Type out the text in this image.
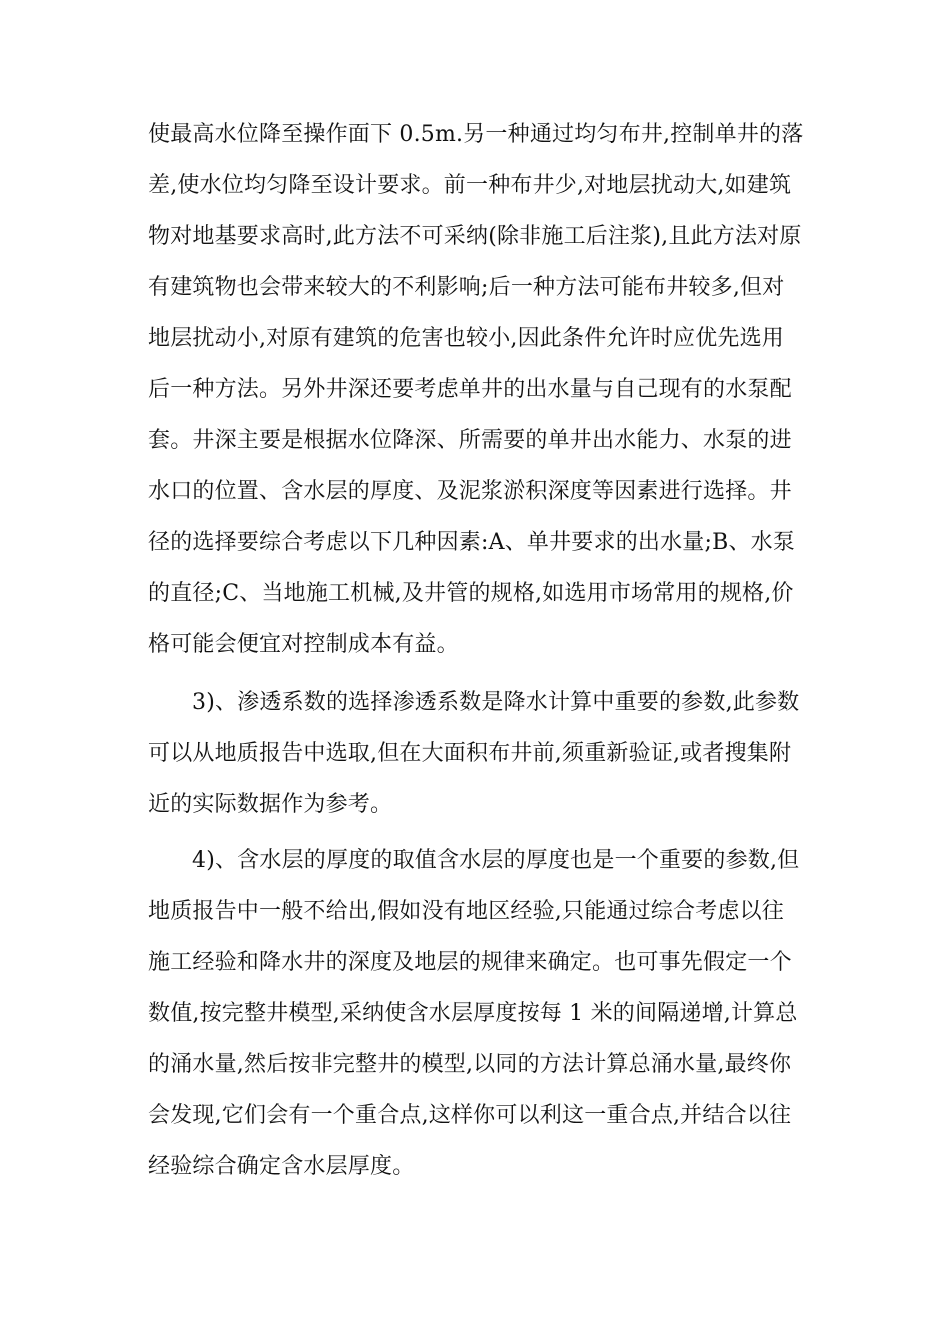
使最高水位降至操作面下 0.5m.另一种通过均匀布井,控制单井的落
差,使水位均匀降至设计要求。前一种布井少,对地层扰动大,如建筑
物对地基要求高时,此方法不可采纳(除非施工后注浆),且此方法对原
有建筑物也会带来较大的不利影响;后一种方法可能布井较多,但对
地层扰动小,对原有建筑的危害也较小,因此条件允许时应优先选用
后一种方法。另外井深还要考虑单井的出水量与自己现有的水泵配
套。井深主要是根据水位降深、所需要的单井出水能力、水泵的进
水口的位置、含水层的厚度、及泥浆淤积深度等因素进行选择。井
径的选择要综合考虑以下几种因素:A、单井要求的出水量;B、水泵
的直径;C、当地施工机械,及井管的规格,如选用市场常用的规格,价
格可能会便宜对控制成本有益。
3)、渗透系数的选择渗透系数是降水计算中重要的参数,此参数
可以从地质报告中选取,但在大面积布井前,须重新验证,或者搜集附
近的实际数据作为参考。
4)、含水层的厚度的取值含水层的厚度也是一个重要的参数,但
地质报告中一般不给出,假如没有地区经验,只能通过综合考虑以往
施工经验和降水井的深度及地层的规律来确定。也可事先假定一个
数值,按完整井模型,采纳使含水层厚度按每 1 米的间隔递增,计算总
的涌水量,然后按非完整井的模型,以同的方法计算总涌水量,最终你
会发现,它们会有一个重合点,这样你可以利这一重合点,并结合以往
经验综合确定含水层厚度。
